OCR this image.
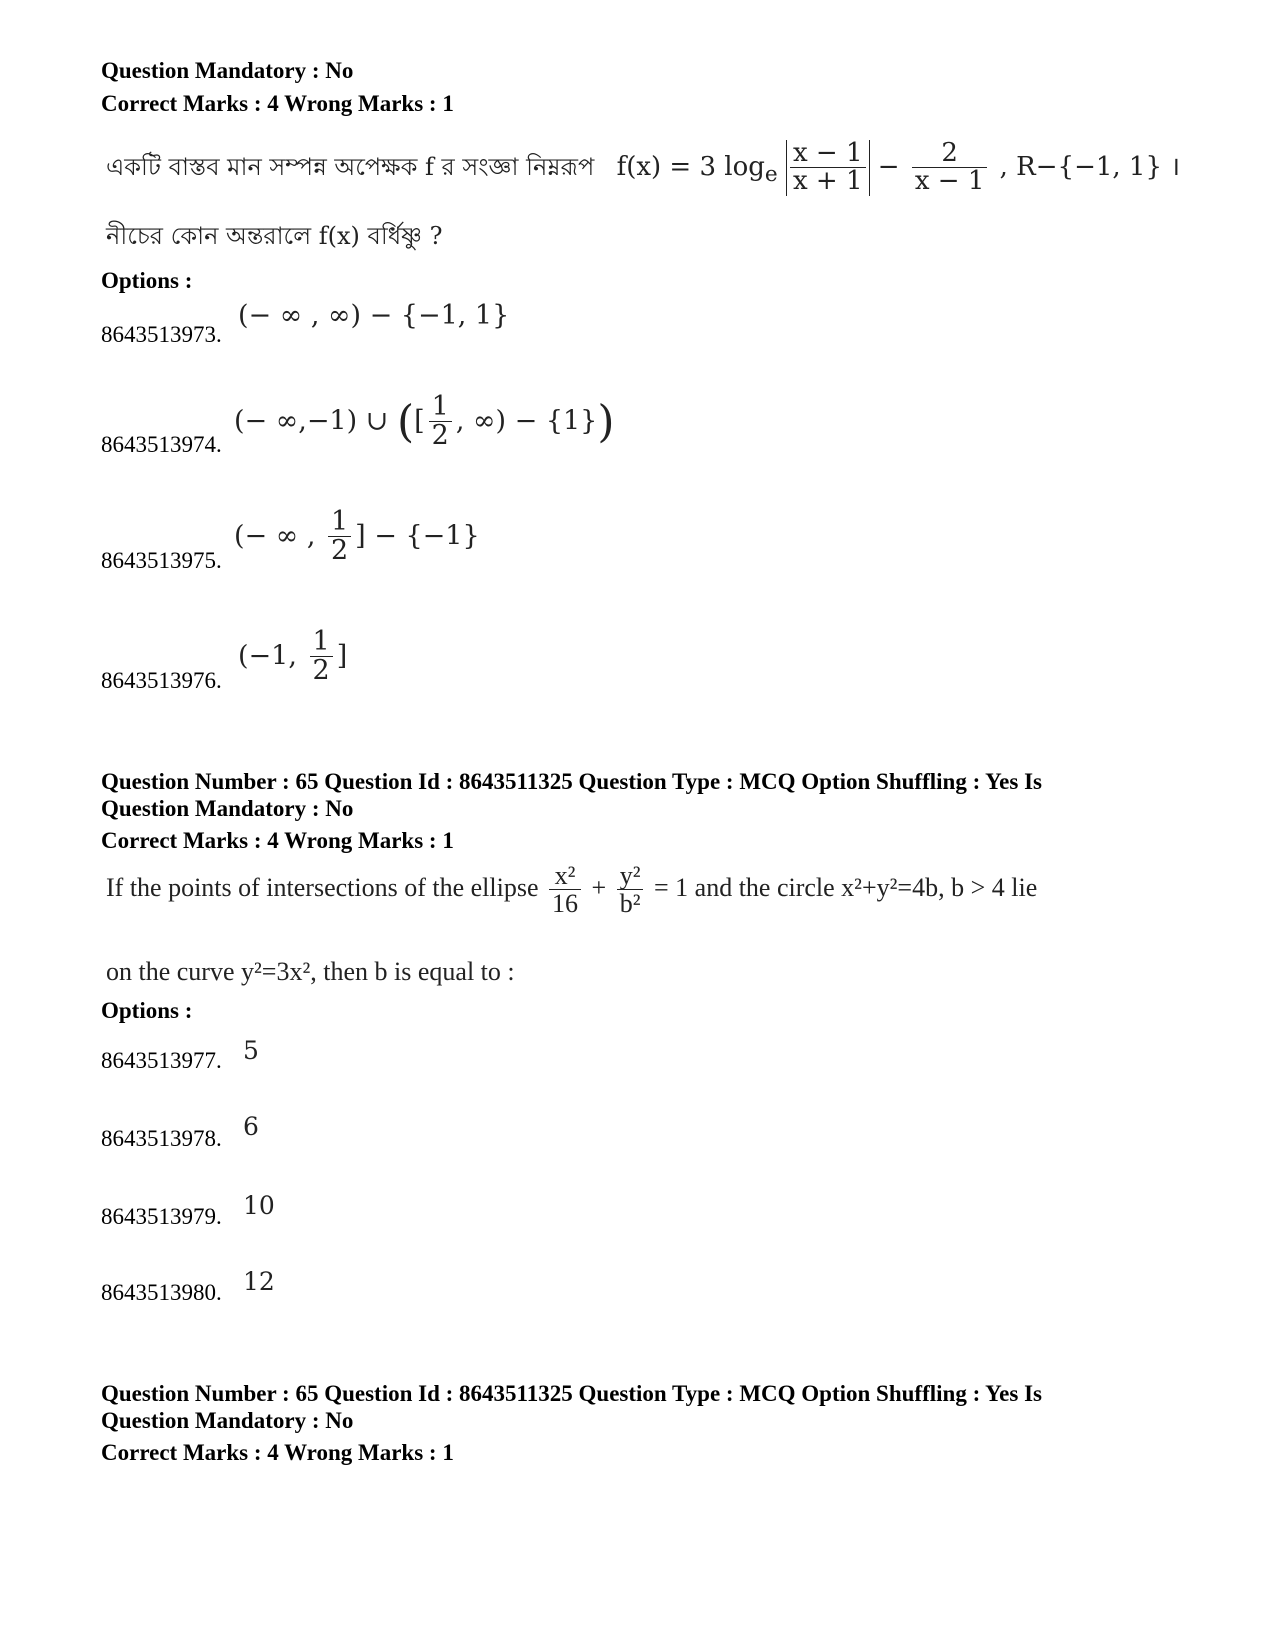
Question Mandatory : No
Correct Marks : 4 Wrong Marks : 1
একটি বাস্তব মান সম্পন্ন অপেক্ষক f র সংজ্ঞা নিম্নরূপ f(x) = 3 $\log_e \frac{x - 1}{x + 1} - \frac{2}{x - 1}$ , R−{−1, 1} ।
নীচের কোন অন্তরালে f(x) বর্ধিষ্ণু ?
Options :
8643513973.
(− ∞ , ∞) − {−1, 1}
8643513974.
(− ∞,−1) ∪ ([ $\frac{1}{2}$ , ∞) − {1})
8643513975.
(− ∞ , $\frac{1}{2}$ ] − {−1}
8643513976.
(−1, $\frac{1}{2}$ ]
Question Number : 65 Question Id : 8643511325 Question Type : MCQ Option Shuffling : Yes Is
Question Mandatory : No
Correct Marks : 4 Wrong Marks : 1
If the points of intersections of the ellipse $\frac{\text{x²}}{16} + \frac{\text{y²}}{\text{b²}} = 1$ and the circle x²+y²=4b, b > 4 lie
on the curve y²=3x², then b is equal to :
Options :
8643513977. 5
8643513978. 6
8643513979. 10
8643513980. 12
Question Number : 65 Question Id : 8643511325 Question Type : MCQ Option Shuffling : Yes Is
Question Mandatory : No
Correct Marks : 4 Wrong Marks : 1
